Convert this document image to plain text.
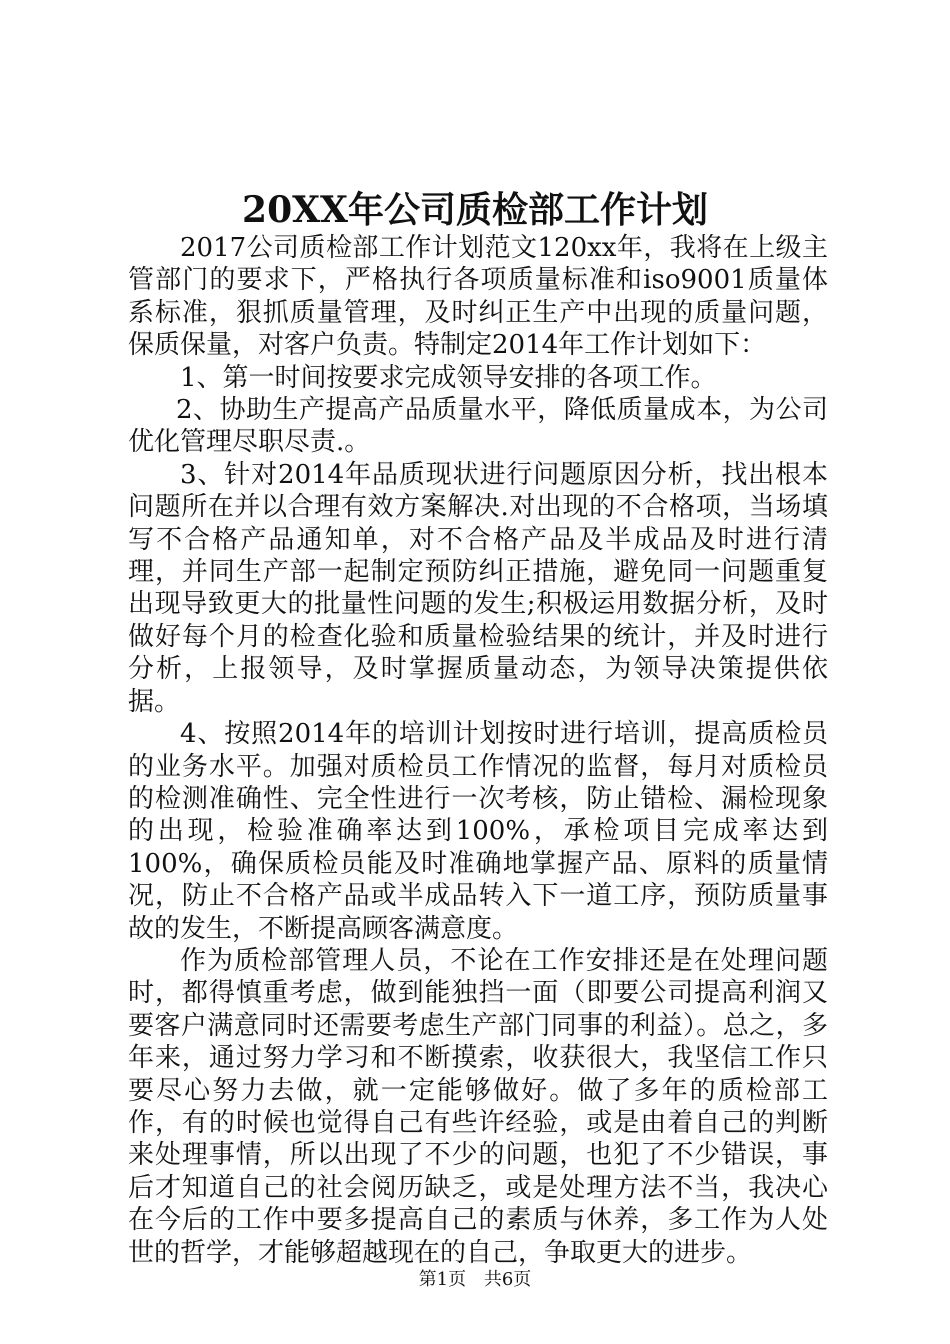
20XX年公司质检部工作计划

2017公司质检部工作计划范文120xx年，我将在上级主管部门的要求下，严格执行各项质量标准和iso9001质量体系标准，狠抓质量管理，及时纠正生产中出现的质量问题，保质保量，对客户负责。特制定2014年工作计划如下：

1、第一时间按要求完成领导安排的各项工作。

2、协助生产提高产品质量水平，降低质量成本，为公司优化管理尽职尽责.。

3、针对2014年品质现状进行问题原因分析，找出根本问题所在并以合理有效方案解决.对出现的不合格项，当场填写不合格产品通知单，对不合格产品及半成品及时进行清理，并同生产部一起制定预防纠正措施，避免同一问题重复出现导致更大的批量性问题的发生;积极运用数据分析，及时做好每个月的检查化验和质量检验结果的统计，并及时进行分析，上报领导，及时掌握质量动态，为领导决策提供依据。

4、按照2014年的培训计划按时进行培训，提高质检员的业务水平。加强对质检员工作情况的监督，每月对质检员的检测准确性、完全性进行一次考核，防止错检、漏检现象的出现，检验准确率达到100%，承检项目完成率达到100%，确保质检员能及时准确地掌握产品、原料的质量情况，防止不合格产品或半成品转入下一道工序，预防质量事故的发生，不断提高顾客满意度。

作为质检部管理人员，不论在工作安排还是在处理问题时，都得慎重考虑，做到能独挡一面（即要公司提高利润又要客户满意同时还需要考虑生产部门同事的利益）。总之，多年来，通过努力学习和不断摸索，收获很大，我坚信工作只要尽心努力去做，就一定能够做好。做了多年的质检部工作，有的时候也觉得自己有些许经验，或是由着自己的判断来处理事情，所以出现了不少的问题，也犯了不少错误，事后才知道自己的社会阅历缺乏，或是处理方法不当，我决心在今后的工作中要多提高自己的素质与休养，多工作为人处世的哲学，才能够超越现在的自己，争取更大的进步。

第1页 共6页
